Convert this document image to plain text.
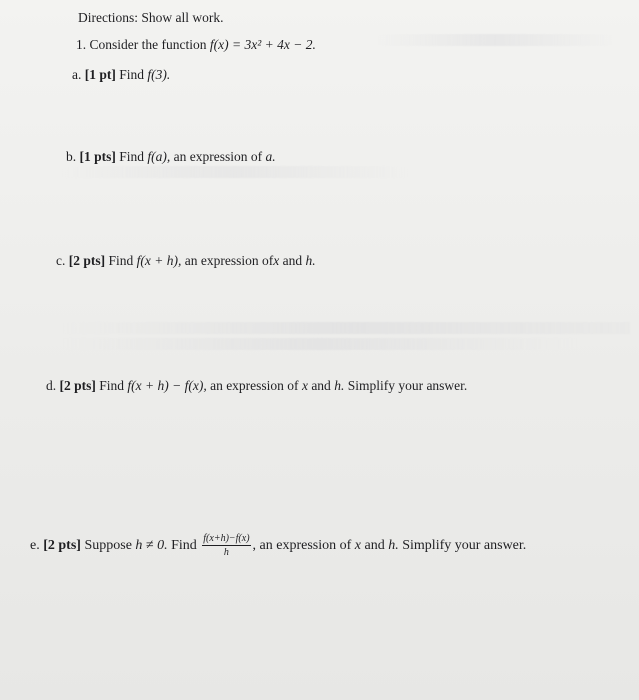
Directions: Show all work.
1. Consider the function f(x) = 3x² + 4x − 2.
a. [1 pt] Find f(3).
b. [1 pts] Find f(a), an expression of a.
c. [2 pts] Find f(x + h), an expression ofx and h.
d. [2 pts] Find f(x + h) − f(x), an expression of x and h. Simplify your answer.
e. [2 pts] Suppose h ≠ 0. Find $\frac{f(x+h)-f(x)}{h}$ , an expression of x and h. Simplify your answer.
